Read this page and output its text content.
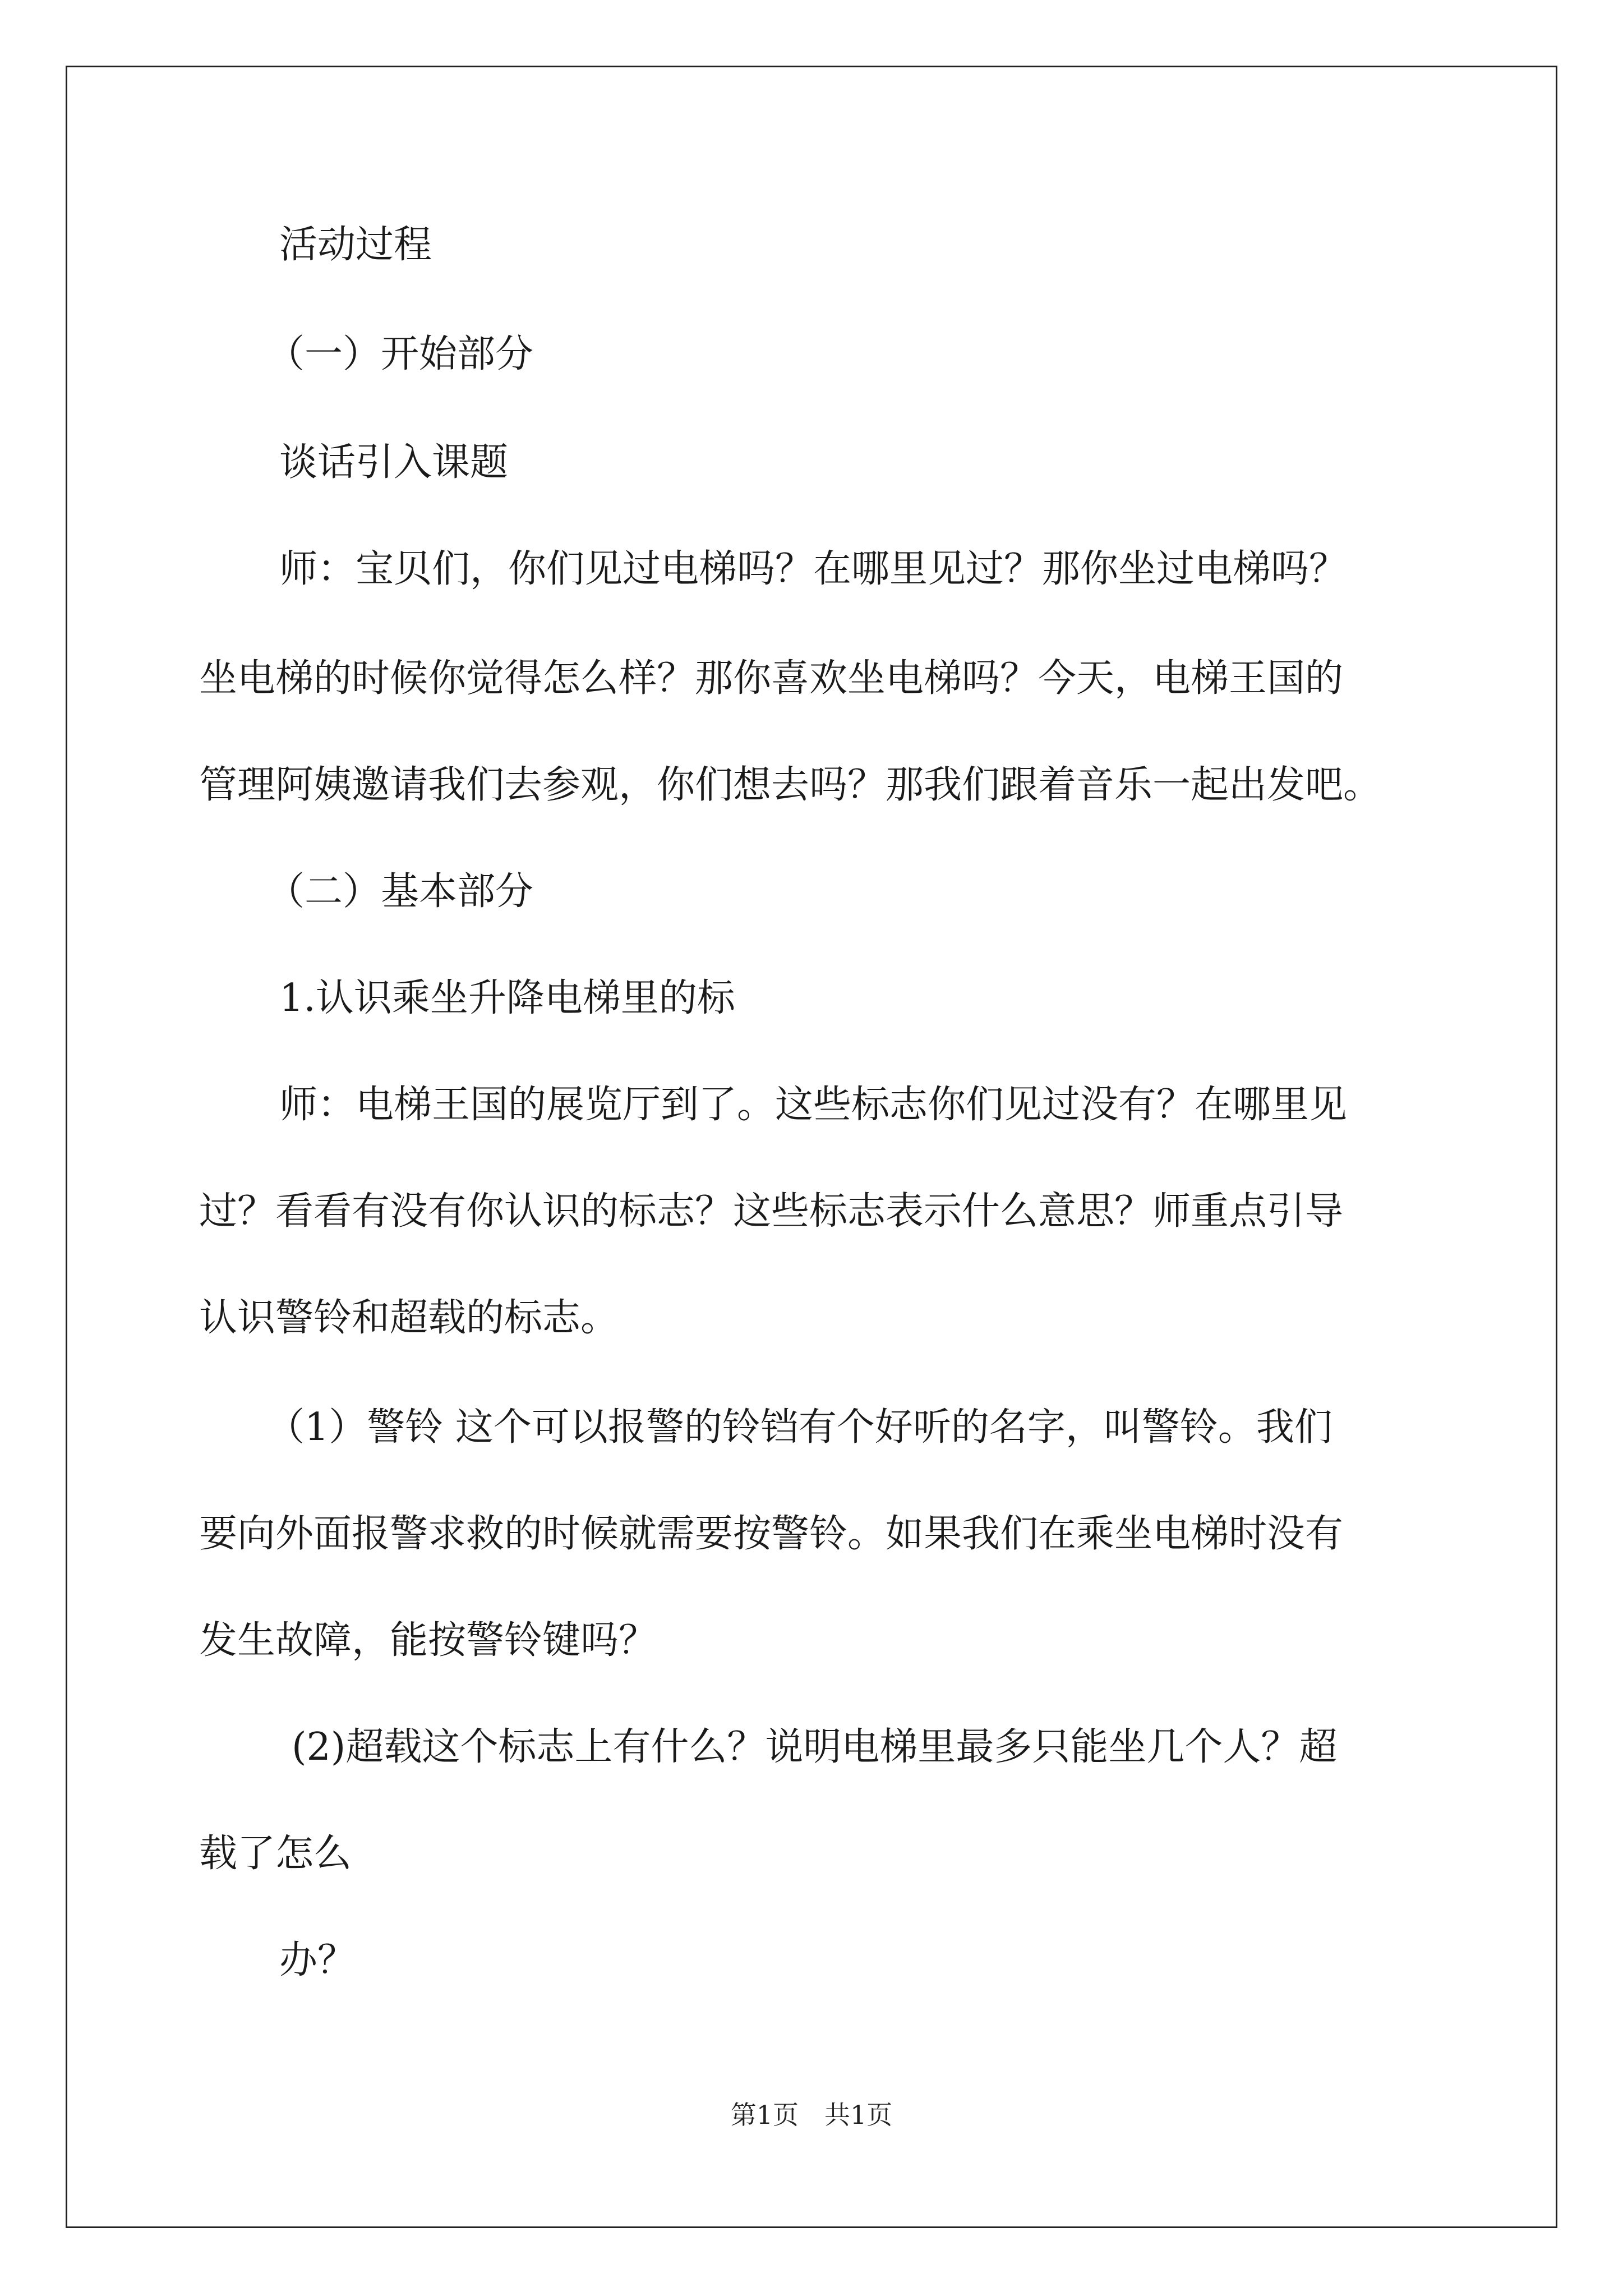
活动过程
（一）开始部分
谈话引入课题
师：宝贝们，你们见过电梯吗？在哪里见过？那你坐过电梯吗？
坐电梯的时候你觉得怎么样？那你喜欢坐电梯吗？今天，电梯王国的
管理阿姨邀请我们去参观，你们想去吗？那我们跟着音乐一起出发吧。
（二）基本部分
1.认识乘坐升降电梯里的标
师：电梯王国的展览厅到了。这些标志你们见过没有？在哪里见
过？看看有没有你认识的标志？这些标志表示什么意思？师重点引导
认识警铃和超载的标志。
（1）警铃 这个可以报警的铃铛有个好听的名字，叫警铃。我们
要向外面报警求救的时候就需要按警铃。如果我们在乘坐电梯时没有
发生故障，能按警铃键吗？
(2)超载这个标志上有什么？说明电梯里最多只能坐几个人？超
载了怎么
办？
第1页　共1页
